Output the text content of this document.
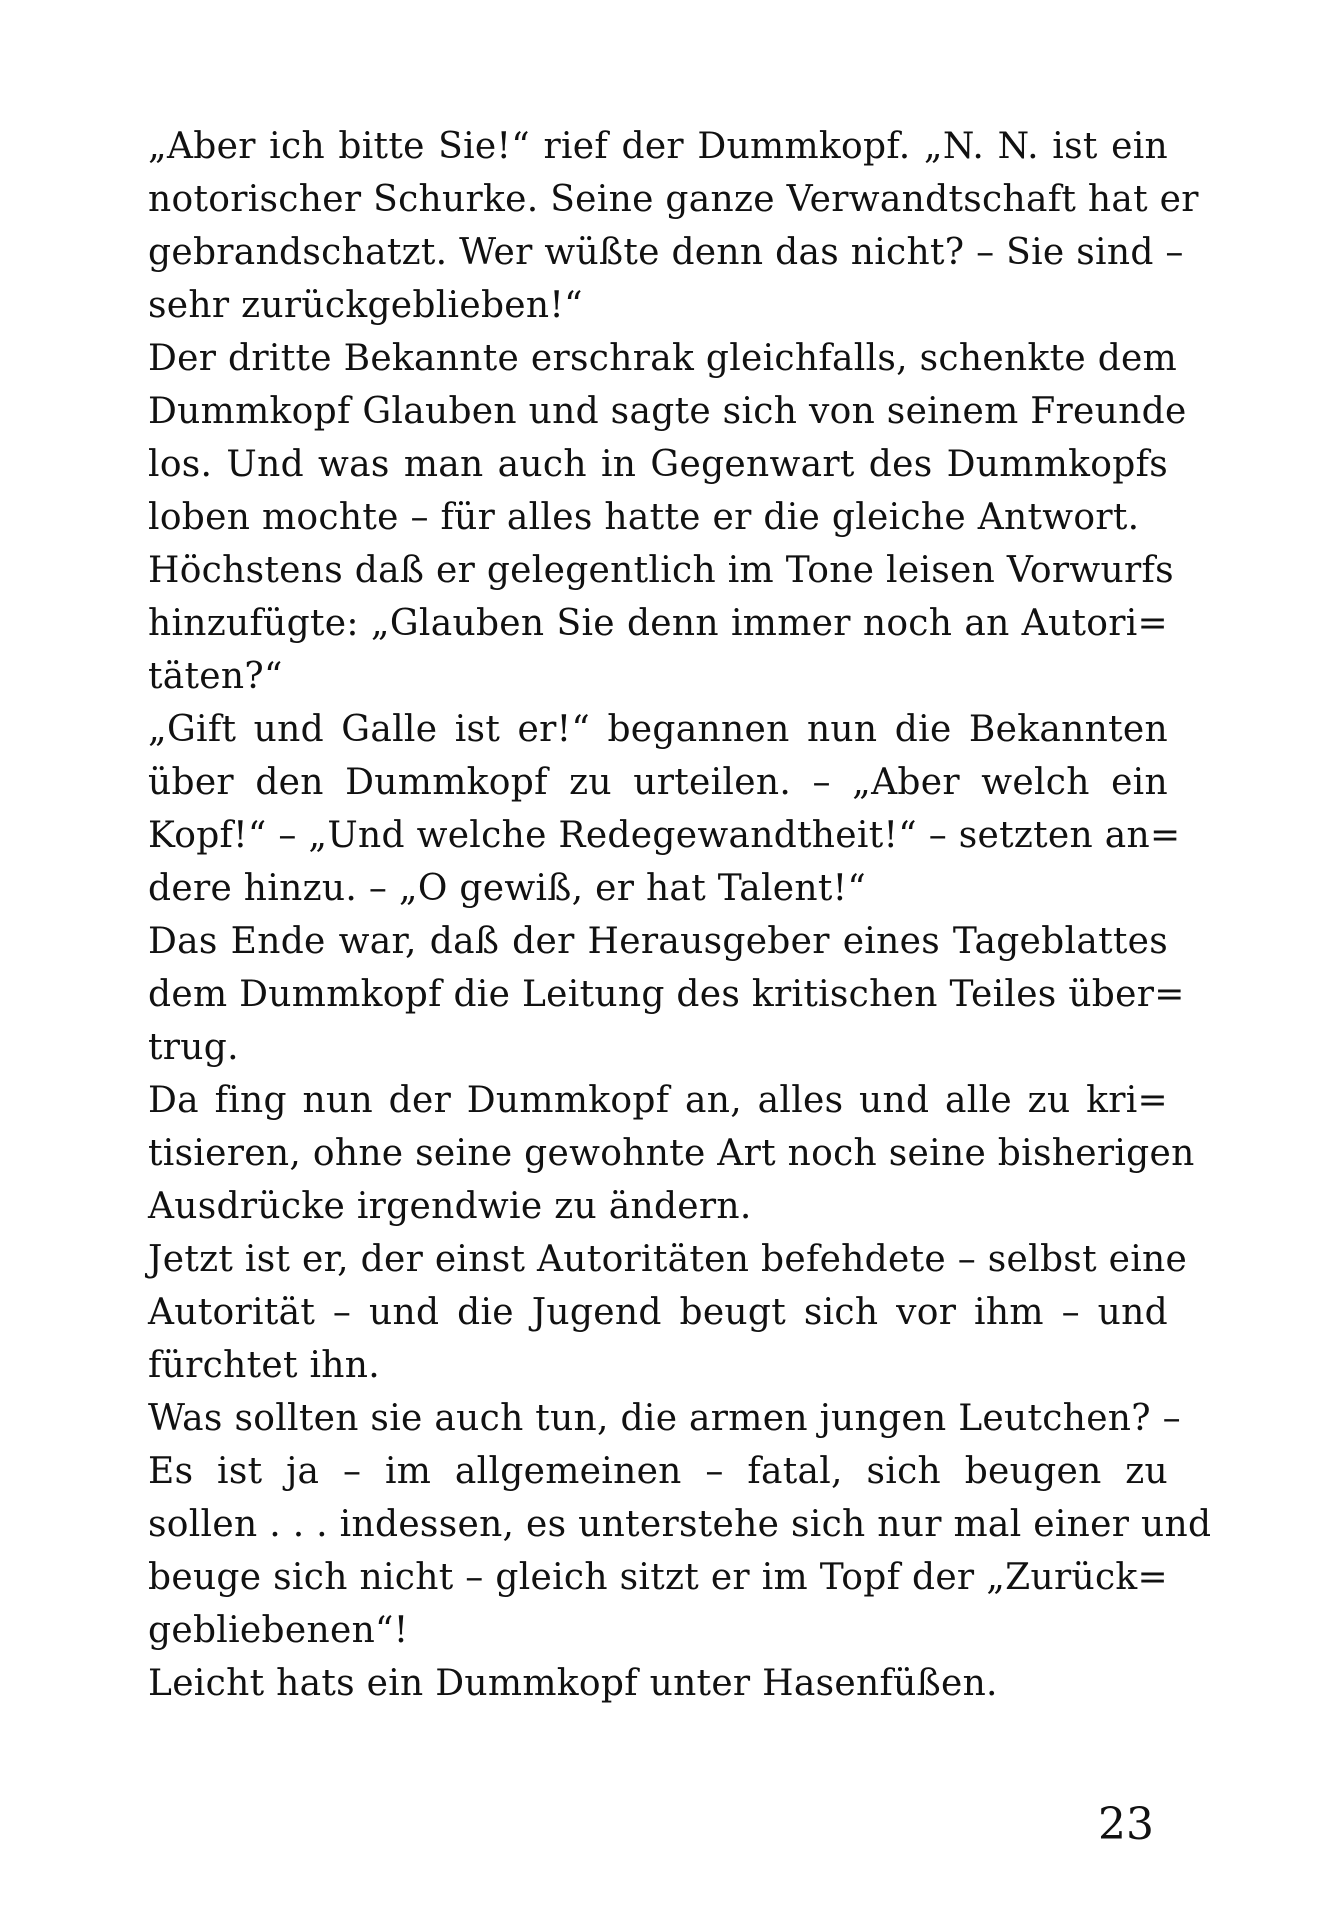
„Aber ich bitte Sie!“ rief der Dummkopf. „N. N. ist ein
notorischer Schurke. Seine ganze Verwandtschaft hat er
gebrandschatzt. Wer wüßte denn das nicht? – Sie sind –
sehr zurückgeblieben!“
Der dritte Bekannte erschrak gleichfalls, schenkte dem
Dummkopf Glauben und sagte sich von seinem Freunde
los. Und was man auch in Gegenwart des Dummkopfs
loben mochte – für alles hatte er die gleiche Antwort.
Höchstens daß er gelegentlich im Tone leisen Vorwurfs
hinzufügte: „Glauben Sie denn immer noch an Autori=
täten?“
„Gift und Galle ist er!“ begannen nun die Bekannten
über den Dummkopf zu urteilen. – „Aber welch ein
Kopf!“ – „Und welche Redegewandtheit!“ – setzten an=
dere hinzu. – „O gewiß, er hat Talent!“
Das Ende war, daß der Herausgeber eines Tageblattes
dem Dummkopf die Leitung des kritischen Teiles über=
trug.
Da fing nun der Dummkopf an, alles und alle zu kri=
tisieren, ohne seine gewohnte Art noch seine bisherigen
Ausdrücke irgendwie zu ändern.
Jetzt ist er, der einst Autoritäten befehdete – selbst eine
Autorität – und die Jugend beugt sich vor ihm – und
fürchtet ihn.
Was sollten sie auch tun, die armen jungen Leutchen? –
Es ist ja – im allgemeinen – fatal, sich beugen zu
sollen . . . indessen, es unterstehe sich nur mal einer und
beuge sich nicht – gleich sitzt er im Topf der „Zurück=
gebliebenen“!
Leicht hats ein Dummkopf unter Hasenfüßen.
23
